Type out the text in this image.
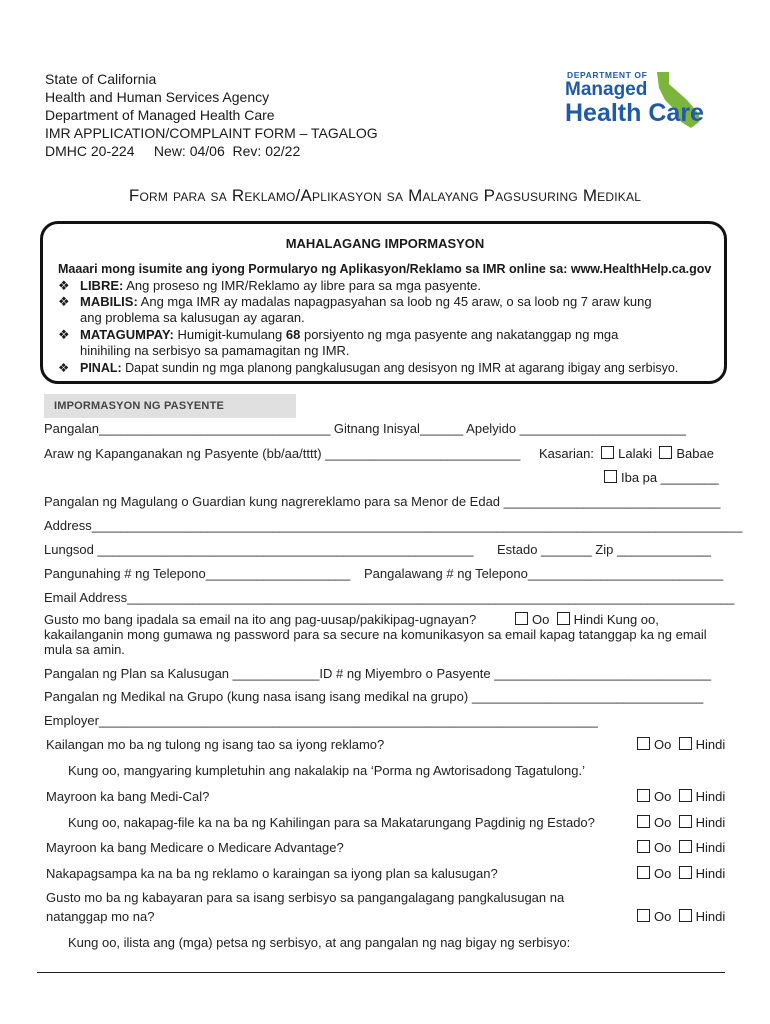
State of California
Health and Human Services Agency
Department of Managed Health Care
IMR APPLICATION/COMPLAINT FORM – TAGALOG
DMHC 20-224     New: 04/06  Rev: 02/22
DEPARTMENT OF
Managed
Health Care
Form para sa Reklamo/Aplikasyon sa Malayang Pagsusuring Medikal
MAHALAGANG IMPORMASYON
Maaari mong isumite ang iyong Pormularyo ng Aplikasyon/Reklamo sa IMR online sa: www.HealthHelp.ca.gov
❖ LIBRE: Ang proseso ng IMR/Reklamo ay libre para sa mga pasyente.
❖ MABILIS: Ang mga IMR ay madalas napagpasyahan sa loob ng 45 araw, o sa loob ng 7 araw kung
ang problema sa kalusugan ay agaran.
❖ MATAGUMPAY: Humigit-kumulang 68 porsiyento ng mga pasyente ang nakatanggap ng mga
hinihiling na serbisyo sa pamamagitan ng IMR.
❖ PINAL: Dapat sundin ng mga planong pangkalusugan ang desisyon ng IMR at agarang ibigay ang serbisyo.
IMPORMASYON NG PASYENTE
Pangalan________________________________ Gitnang Inisyal______ Apelyido _______________________
Araw ng Kapanganakan ng Pasyente (bb/aa/tttt) ___________________________ Kasarian: Lalaki Babae
Iba pa ________
Pangalan ng Magulang o Guardian kung nagrereklamo para sa Menor de Edad ______________________________
Address__________________________________________________________________________________________
Lungsod ____________________________________________________ Estado _______ Zip _____________
Pangunahing # ng Telepono____________________ Pangalawang # ng Telepono___________________________
Email Address____________________________________________________________________________________
Gusto mo bang ipadala sa email na ito ang pag-uusap/pakikipag-ugnayan?	Oo Hindi Kung oo,
kakailanganin mong gumawa ng password para sa secure na komunikasyon sa email kapag tatanggap ka ng email
mula sa amin.
Pangalan ng Plan sa Kalusugan ____________ID # ng Miyembro o Pasyente ______________________________
Pangalan ng Medikal na Grupo (kung nasa isang isang medikal na grupo) ________________________________
Employer_____________________________________________________________________
Kailangan mo ba ng tulong ng isang tao sa iyong reklamo?	Oo Hindi
Kung oo, mangyaring kumpletuhin ang nakalakip na ‘Porma ng Awtorisadong Tagatulong.’
Mayroon ka bang Medi-Cal?	Oo Hindi
Kung oo, nakapag-file ka na ba ng Kahilingan para sa Makatarungang Pagdinig ng Estado?	Oo Hindi
Mayroon ka bang Medicare o Medicare Advantage?	Oo Hindi
Nakapagsampa ka na ba ng reklamo o karaingan sa iyong plan sa kalusugan?	Oo Hindi
Gusto mo ba ng kabayaran para sa isang serbisyo sa pangangalagang pangkalusugan na
natanggap mo na?	Oo Hindi
Kung oo, ilista ang (mga) petsa ng serbisyo, at ang pangalan ng nag bigay ng serbisyo:
